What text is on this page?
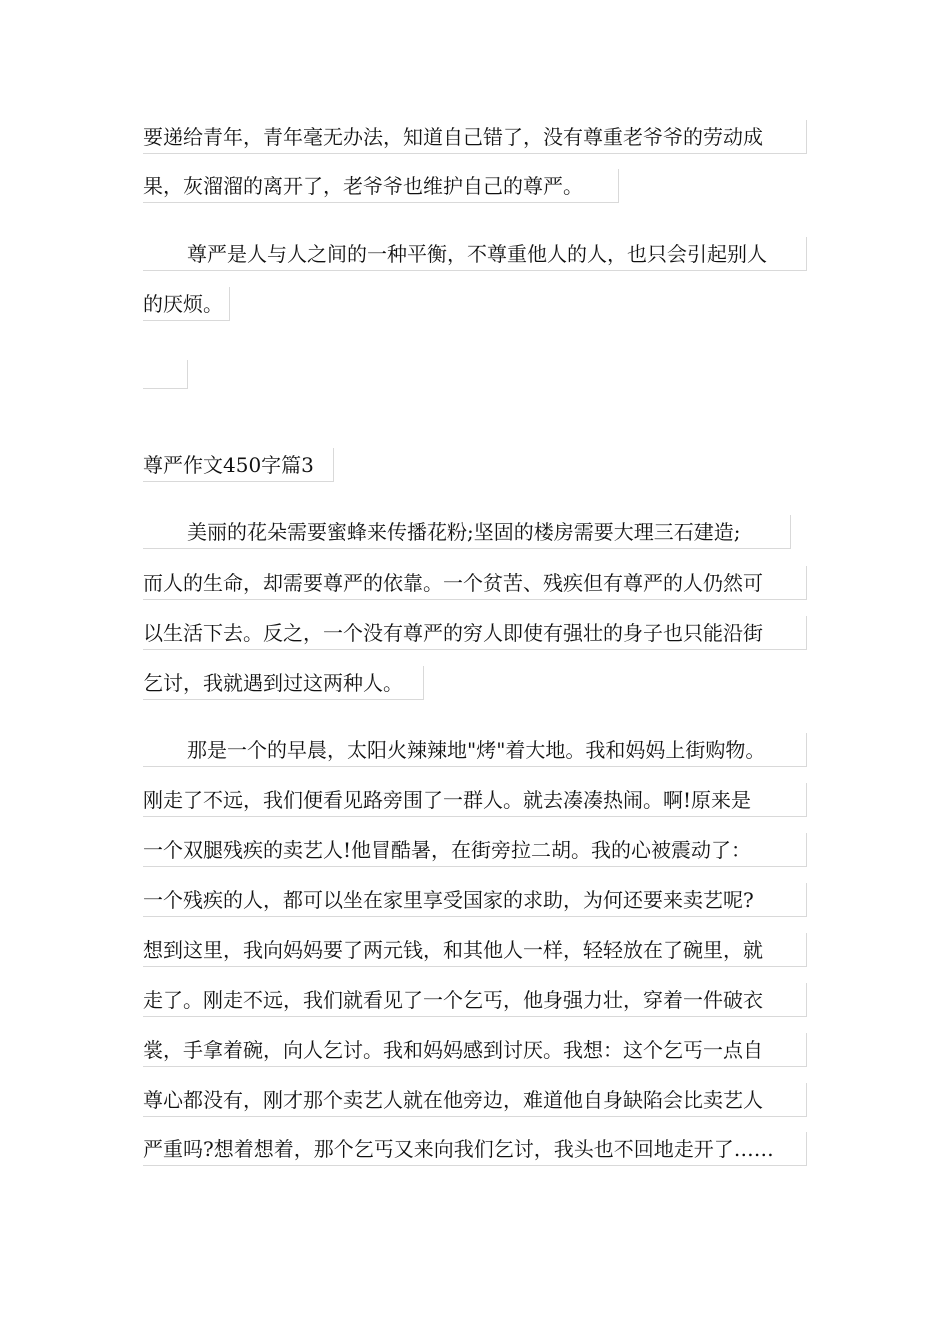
要递给青年，青年毫无办法，知道自己错了，没有尊重老爷爷的劳动成
果，灰溜溜的离开了，老爷爷也维护自己的尊严。
尊严是人与人之间的一种平衡，不尊重他人的人，也只会引起别人
的厌烦。
尊严作文450字篇3
美丽的花朵需要蜜蜂来传播花粉;坚固的楼房需要大理三石建造;
而人的生命，却需要尊严的依靠。一个贫苦、残疾但有尊严的人仍然可
以生活下去。反之，一个没有尊严的穷人即使有强壮的身子也只能沿街
乞讨，我就遇到过这两种人。
那是一个的早晨，太阳火辣辣地"烤"着大地。我和妈妈上街购物。
刚走了不远，我们便看见路旁围了一群人。就去凑凑热闹。啊!原来是
一个双腿残疾的卖艺人!他冒酷暑，在街旁拉二胡。我的心被震动了：
一个残疾的人，都可以坐在家里享受国家的求助，为何还要来卖艺呢?
想到这里，我向妈妈要了两元钱，和其他人一样，轻轻放在了碗里，就
走了。刚走不远，我们就看见了一个乞丐，他身强力壮，穿着一件破衣
裳，手拿着碗，向人乞讨。我和妈妈感到讨厌。我想：这个乞丐一点自
尊心都没有，刚才那个卖艺人就在他旁边，难道他自身缺陷会比卖艺人
严重吗?想着想着，那个乞丐又来向我们乞讨，我头也不回地走开了……
